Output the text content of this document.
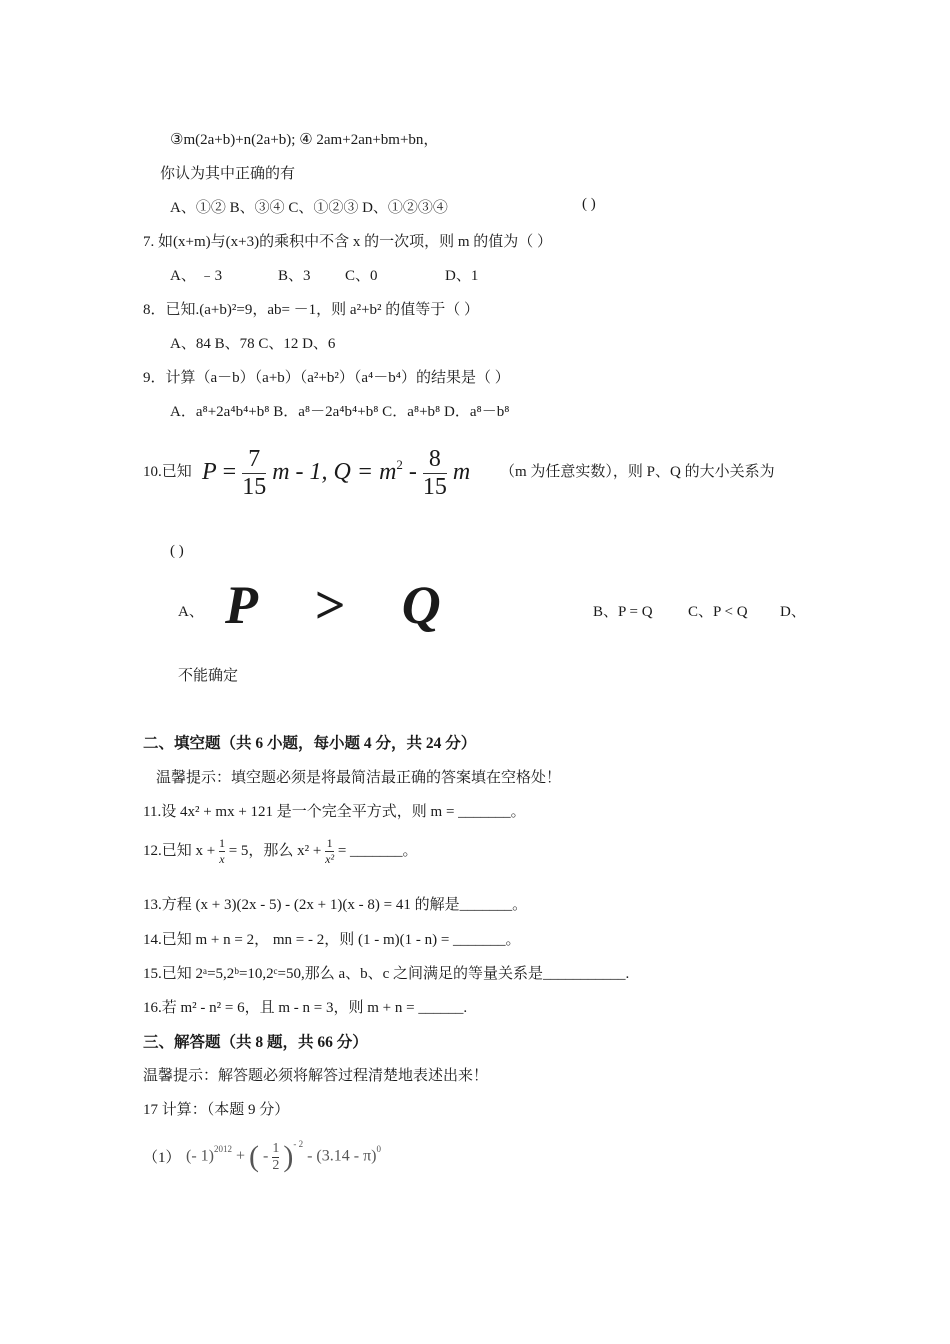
③m(2a+b)+n(2a+b); ④ 2am+2an+bm+bn，
你认为其中正确的有
A、①② B、③④ C、①②③ D、①②③④	( )
7. 如(x+m)与(x+3)的乘积中不含 x 的一次项，则 m 的值为（ ）
A、 ﹣3	B、3 C、0	D、1
8．已知.(a+b)²=9，ab= －1，则 a²+b² 的值等于（ ）
A、84 B、78 C、12 D、6
9．计算（a－b）（a+b）（a²+b²）（a⁴－b⁴）的结果是（ ）
A．a⁸+2a⁴b⁴+b⁸ B．a⁸－2a⁴b⁴+b⁸ C．a⁸+b⁸ D．a⁸－b⁸
10.已知 $P = \frac{7}{15}$ m - 1, $Q = m^2 - \frac{8}{15}$ m （m 为任意实数），则 P、Q 的大小关系为
( )
A、 P > Q	B、P = Q C、P < Q D、
不能确定
二、填空题（共 6 小题，每小题 4 分，共 24 分）
温馨提示：填空题必须是将最简洁最正确的答案填在空格处！
11.设 4x² + mx + 121 是一个完全平方式，则 m = _______。
12.已知 $x + \frac{1}{x} = 5$，那么 $x^2 + \frac{1}{\text{x²}}$ = _______。
13.方程 (x + 3)(2x - 5) - (2x + 1)(x - 8) = 41 的解是_______。
14.已知 m + n = 2， mn = - 2，则 (1 - m)(1 - n) = _______。
15.已知 2ᵃ=5,2ᵇ=10,2ᶜ=50,那么 a、b、c 之间满足的等量关系是___________.
16.若 m² - n² = 6，且 m - n = 3，则 m + n = ______.
三、解答题（共 8 题，共 66 分）
温馨提示：解答题必须将解答过程清楚地表述出来！
17 计算：（本题 9 分）
（1） (- 1)$^{2012}$ + ( - $\frac{1}{2} )^{- 2} - (3.14 - \pi)^0$
